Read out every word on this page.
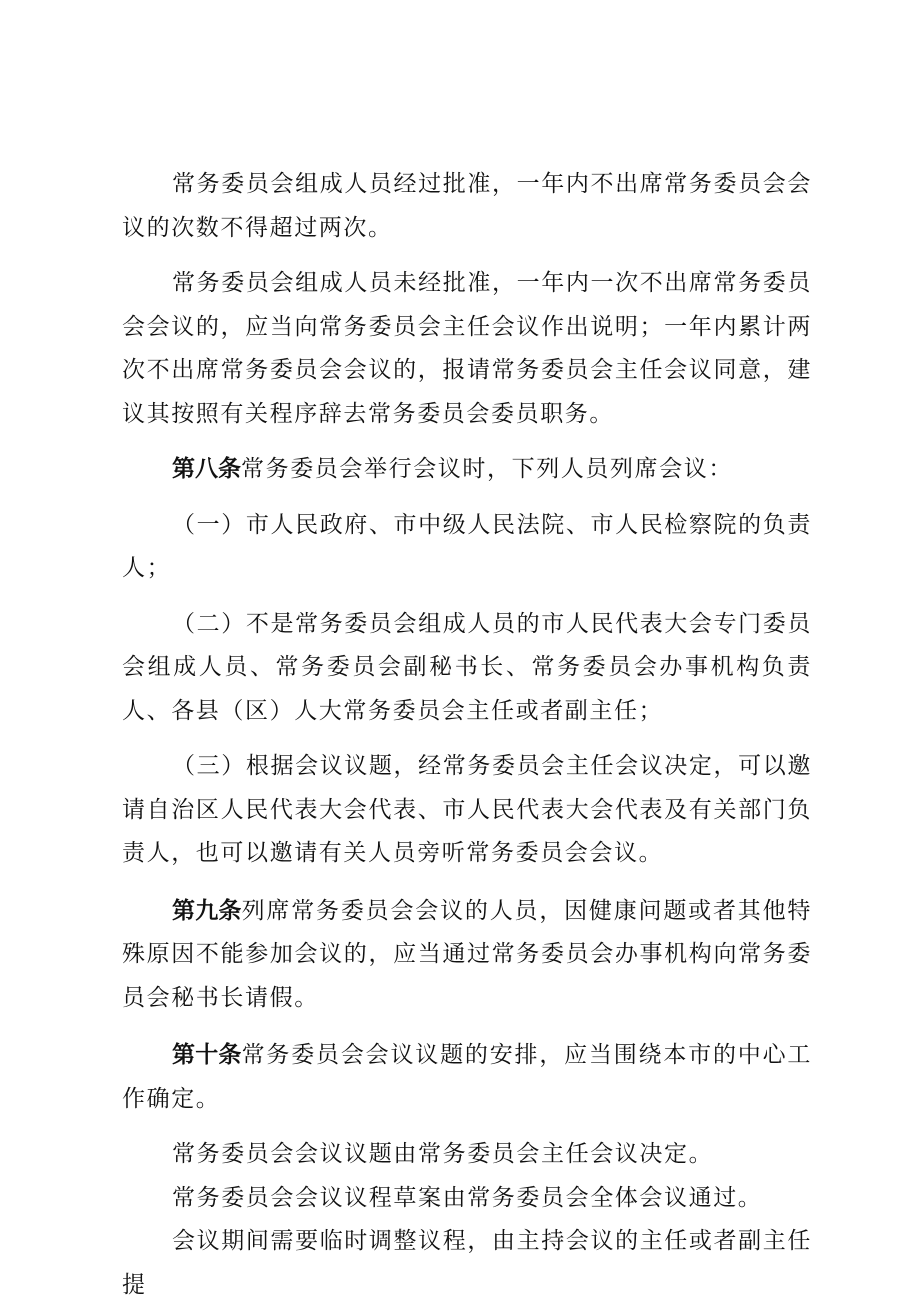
常务委员会组成人员经过批准，一年内不出席常务委员会会议的次数不得超过两次。

常务委员会组成人员未经批准，一年内一次不出席常务委员会会议的，应当向常务委员会主任会议作出说明；一年内累计两次不出席常务委员会会议的，报请常务委员会主任会议同意，建议其按照有关程序辞去常务委员会委员职务。

第八条常务委员会举行会议时，下列人员列席会议：

（一）市人民政府、市中级人民法院、市人民检察院的负责人；

（二）不是常务委员会组成人员的市人民代表大会专门委员会组成人员、常务委员会副秘书长、常务委员会办事机构负责人、各县（区）人大常务委员会主任或者副主任；

（三）根据会议议题，经常务委员会主任会议决定，可以邀请自治区人民代表大会代表、市人民代表大会代表及有关部门负责人，也可以邀请有关人员旁听常务委员会会议。

第九条列席常务委员会会议的人员，因健康问题或者其他特殊原因不能参加会议的，应当通过常务委员会办事机构向常务委员会秘书长请假。

第十条常务委员会会议议题的安排，应当围绕本市的中心工作确定。

常务委员会会议议题由常务委员会主任会议决定。

常务委员会会议议程草案由常务委员会全体会议通过。

会议期间需要临时调整议程，由主持会议的主任或者副主任提
